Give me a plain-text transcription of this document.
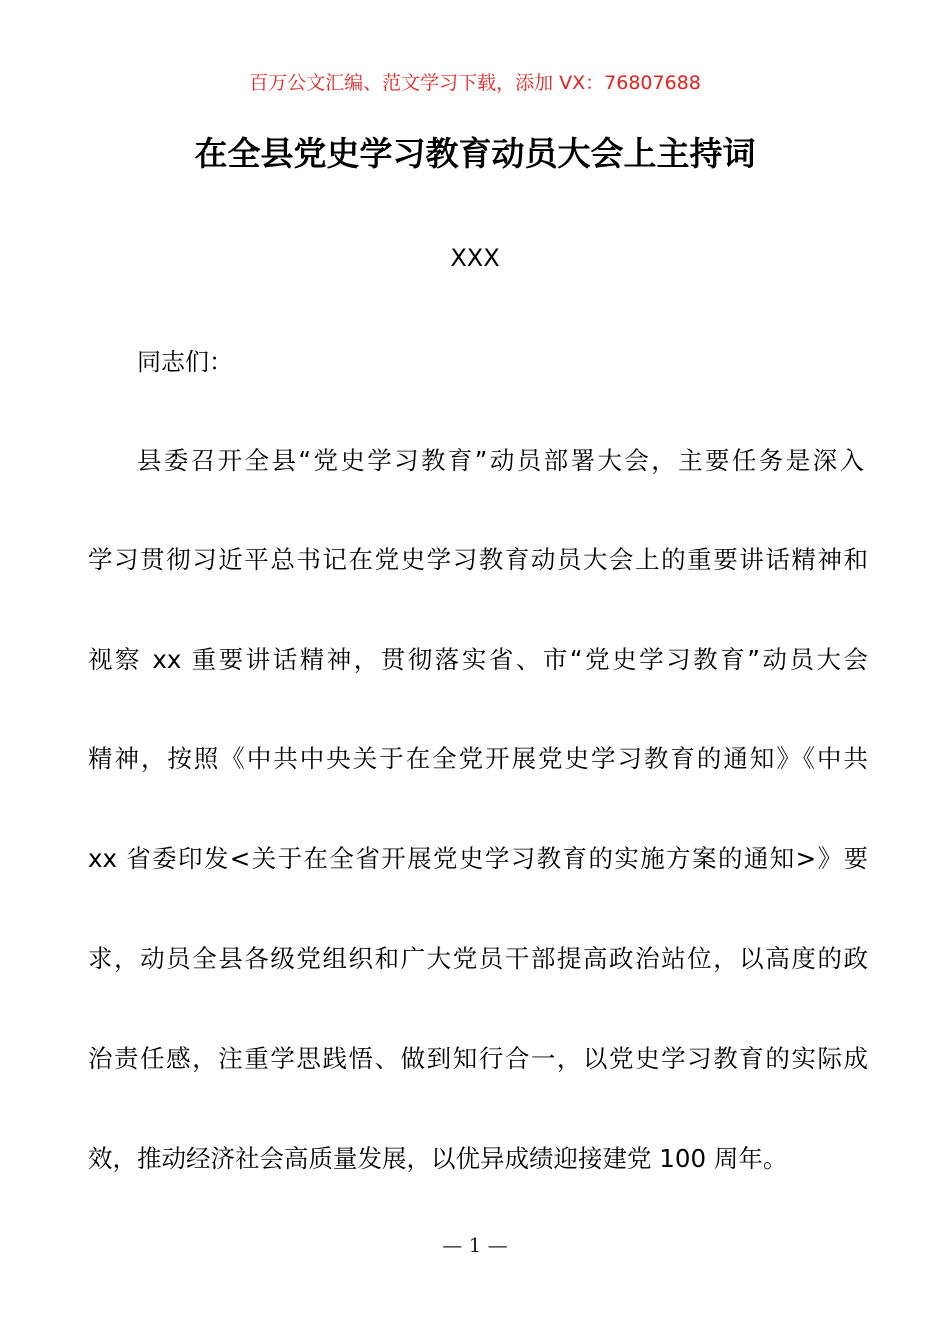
百万公文汇编、范文学习下载，添加 VX：76807688
在全县党史学习教育动员大会上主持词
XXX
同志们：
县委召开全县“党史学习教育”动员部署大会，主要任务是深入
学习贯彻习近平总书记在党史学习教育动员大会上的重要讲话精神和
视察 xx 重要讲话精神，贯彻落实省、市“党史学习教育”动员大会
精神，按照《中共中央关于在全党开展党史学习教育的通知》《中共
xx 省委印发<关于在全省开展党史学习教育的实施方案的通知>》要
求，动员全县各级党组织和广大党员干部提高政治站位，以高度的政
治责任感，注重学思践悟、做到知行合一，以党史学习教育的实际成
效，推动经济社会高质量发展，以优异成绩迎接建党 100 周年。
— 1 —
